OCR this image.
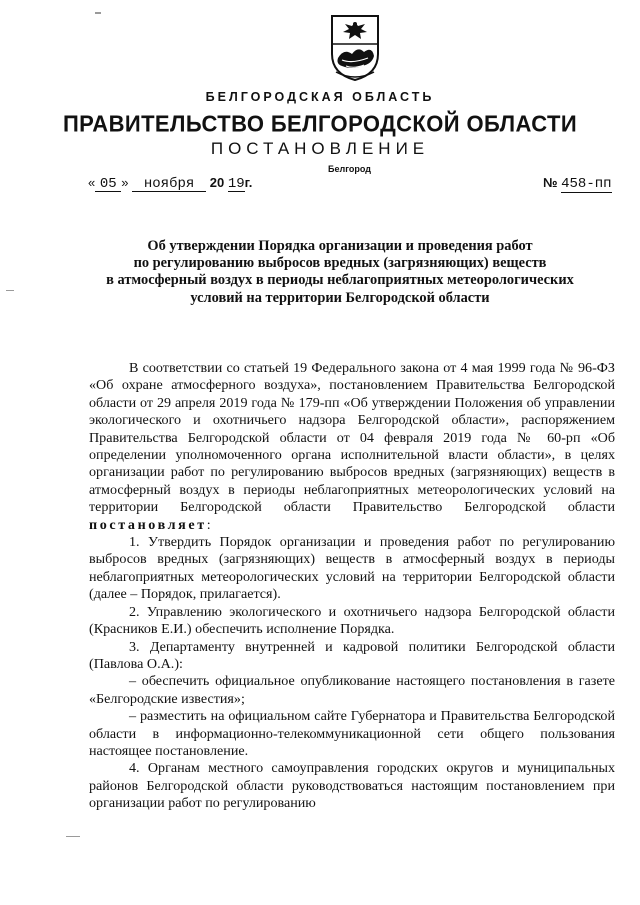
БЕЛГОРОДСКАЯ ОБЛАСТЬ
ПРАВИТЕЛЬСТВО БЕЛГОРОДСКОЙ ОБЛАСТИ
ПОСТАНОВЛЕНИЕ
Белгород
« 05 » ноября 20 19г.	№ 458-пп
Об утверждении Порядка организации и проведения работ
по регулированию выбросов вредных (загрязняющих) веществ
в атмосферный воздух в периоды неблагоприятных метеорологических
условий на территории Белгородской области

В соответствии со статьей 19 Федерального закона от 4 мая 1999 года № 96-ФЗ «Об охране атмосферного воздуха», постановлением Правительства Белгородской области от 29 апреля 2019 года № 179-пп «Об утверждении Положения об управлении экологического и охотничьего надзора Белгородской области», распоряжением Правительства Белгородской области от 04 февраля 2019 года № 60-рп «Об определении уполномоченного органа исполнительной власти области», в целях организации работ по регулированию выбросов вредных (загрязняющих) веществ в атмосферный воздух в периоды неблагоприятных метеорологических условий на территории Белгородской области Правительство Белгородской области постановляет:

1. Утвердить Порядок организации и проведения работ по регулированию выбросов вредных (загрязняющих) веществ в атмосферный воздух в периоды неблагоприятных метеорологических условий на территории Белгородской области (далее – Порядок, прилагается).

2. Управлению экологического и охотничьего надзора Белгородской области (Красников Е.И.) обеспечить исполнение Порядка.

3. Департаменту внутренней и кадровой политики Белгородской области (Павлова О.А.):

– обеспечить официальное опубликование настоящего постановления в газете «Белгородские известия»;

– разместить на официальном сайте Губернатора и Правительства Белгородской области в информационно-телекоммуникационной сети общего пользования настоящее постановление.

4. Органам местного самоуправления городских округов и муниципальных районов Белгородской области руководствоваться настоящим постановлением при организации работ по регулированию
